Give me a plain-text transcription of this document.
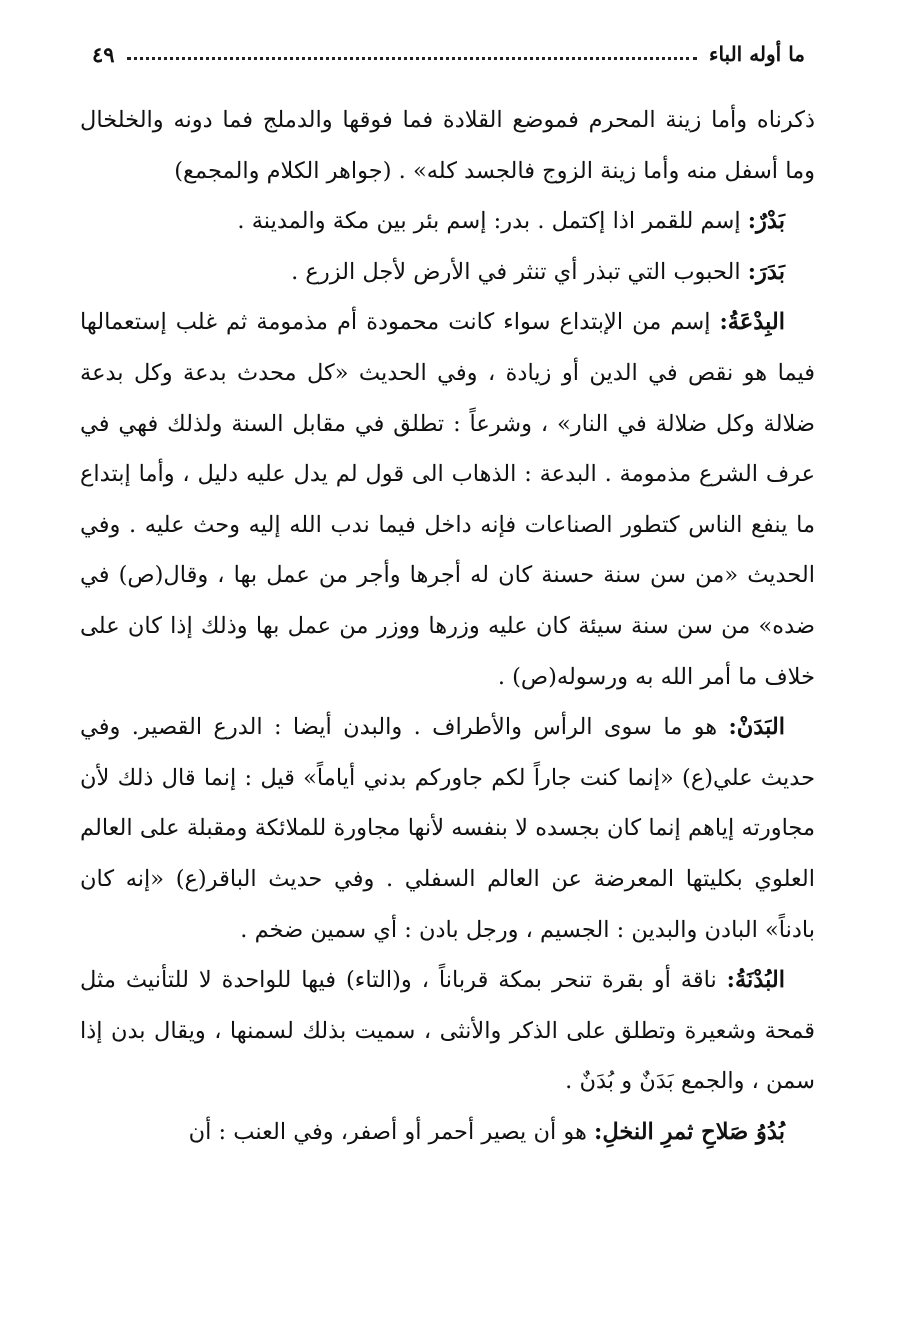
ما أوله الباء
٤٩

ذكرناه وأما زينة المحرم فموضع القلادة فما فوقها والدملج فما دونه والخلخال وما أسفل منه وأما زينة الزوج فالجسد كله» . (جواهر الكلام والمجمع)

بَدْرٌ: إسم للقمر اذا إكتمل . بدر: إسم بئر بين مكة والمدينة .

بَدَرَ: الحبوب التي تبذر أي تنثر في الأرض لأجل الزرع .

البِدْعَةُ: إسم من الإبتداع سواء كانت محمودة أم مذمومة ثم غلب إستعمالها فيما هو نقص في الدين أو زيادة ، وفي الحديث «كل محدث بدعة وكل بدعة ضلالة وكل ضلالة في النار» ، وشرعاً : تطلق في مقابل السنة ولذلك فهي في عرف الشرع مذمومة . البدعة : الذهاب الى قول لم يدل عليه دليل ، وأما إبتداع ما ينفع الناس كتطور الصناعات فإنه داخل فيما ندب الله إليه وحث عليه . وفي الحديث «من سن سنة حسنة كان له أجرها وأجر من عمل بها ، وقال(ص) في ضده» من سن سنة سيئة كان عليه وزرها ووزر من عمل بها وذلك إذا كان على خلاف ما أمر الله به ورسوله(ص) .

البَدَنْ: هو ما سوى الرأس والأطراف . والبدن أيضا : الدرع القصير. وفي حديث علي(ع) «إنما كنت جاراً لكم جاوركم بدني أياماً» قيل : إنما قال ذلك لأن مجاورته إياهم إنما كان بجسده لا بنفسه لأنها مجاورة للملائكة ومقبلة على العالم العلوي بكليتها المعرضة عن العالم السفلي . وفي حديث الباقر(ع) «إنه كان بادناً» البادن والبدين : الجسيم ، ورجل بادن : أي سمين ضخم .

البُدْنَةُ: ناقة أو بقرة تنحر بمكة قرباناً ، و(التاء) فيها للواحدة لا للتأنيث مثل قمحة وشعيرة وتطلق على الذكر والأنثى ، سميت بذلك لسمنها ، ويقال بدن إذا سمن ، والجمع بَدَنٌ و بُدَنٌ .

بُدُوُ صَلاحِ ثمرِ النخلِ: هو أن يصير أحمر أو أصفر، وفي العنب : أن
